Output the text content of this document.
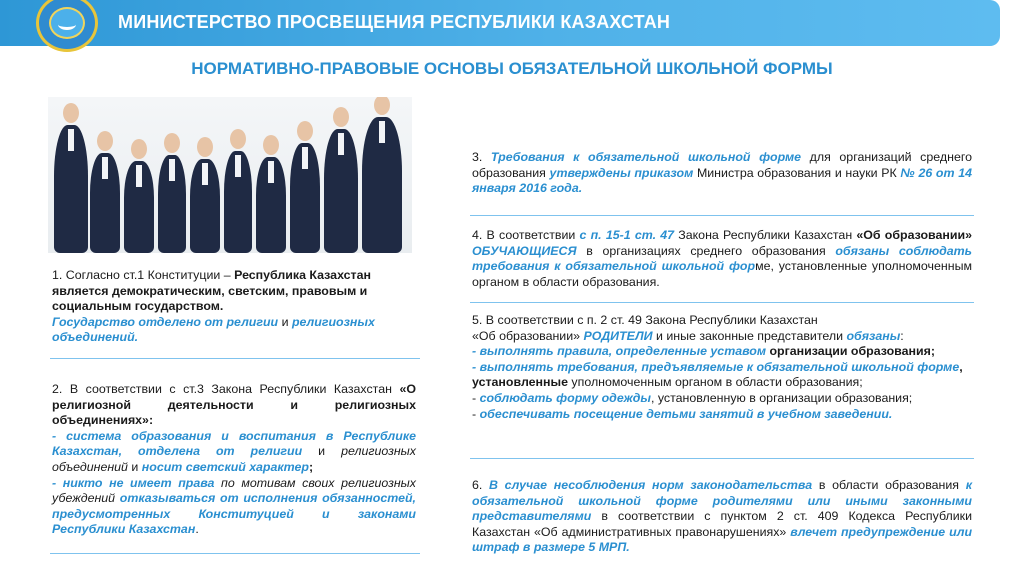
МИНИСТЕРСТВО ПРОСВЕЩЕНИЯ РЕСПУБЛИКИ КАЗАХСТАН
НОРМАТИВНО-ПРАВОВЫЕ ОСНОВЫ ОБЯЗАТЕЛЬНОЙ ШКОЛЬНОЙ ФОРМЫ

1. Согласно ст.1 Конституции – Республика Казахстан

является демократическим, светским, правовым и

социальным государством.

Государство отделено от религии и религиозных

объединений.

2. В соответствии с ст.3 Закона Республики Казахстан «О религиозной деятельности и религиозных объединениях»:

- система образования и воспитания в Республике Казахстан, отделена от религии и религиозных объединений и носит светский характер;

- никто не имеет права по мотивам своих религиозных убеждений отказываться от исполнения обязанностей, предусмотренных Конституцией и законами Республики Казахстан.

3. Требования к обязательной школьной форме для организаций среднего образования утверждены приказом Министра образования и науки РК № 26 от 14 января 2016 года.

4. В соответствии с п. 15-1 ст. 47 Закона Республики Казахстан «Об образовании» ОБУЧАЮЩИЕСЯ в организациях среднего образования обязаны соблюдать требования к обязательной школьной форме, установленные уполномоченным органом в области образования.

5. В соответствии с п. 2 ст. 49 Закона Республики Казахстан

«Об образовании» РОДИТЕЛИ и иные законные представители обязаны:

- выполнять правила, определенные уставом организации образования;

- выполнять требования, предъявляемые к обязательной школьной форме, установленные уполномоченным органом в области образования;

- соблюдать форму одежды, установленную в организации образования;

- обеспечивать посещение детьми занятий в учебном заведении.

6. В случае несоблюдения норм законодательства в области образования к обязательной школьной форме родителями или иными законными представителями в соответствии с пунктом 2 ст. 409 Кодекса Республики Казахстан «Об административных правонарушениях» влечет предупреждение или штраф в размере 5 МРП.
